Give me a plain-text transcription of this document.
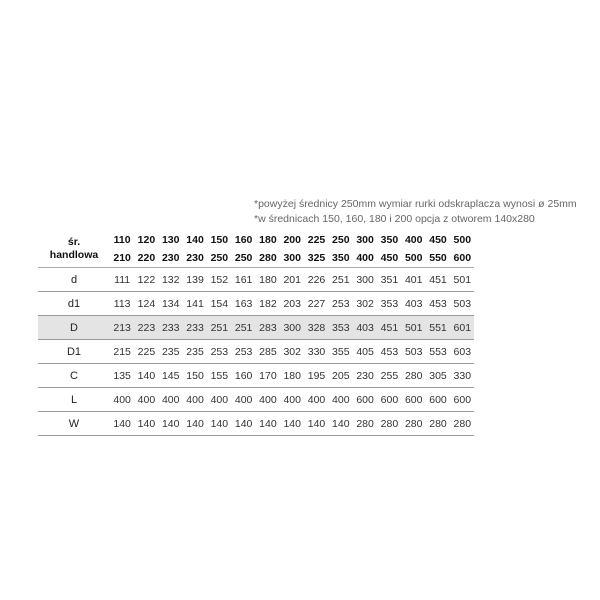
*powyżej średnicy 250mm wymiar rurki odskraplacza wynosi ø 25mm
*w średnicach 150, 160, 180 i 200 opcja z otworem 140x280
śr.
handlowa	110	120	130	140	150	160	180	200	225	250	300	350	400	450	500
	210	220	230	230	250	250	280	300	325	350	400	450	500	550	600
d	111	122	132	139	152	161	180	201	226	251	300	351	401	451	501
d1	113	124	134	141	154	163	182	203	227	253	302	353	403	453	503
D	213	223	233	233	251	251	283	300	328	353	403	451	501	551	601
D1	215	225	235	235	253	253	285	302	330	355	405	453	503	553	603
C	135	140	145	150	155	160	170	180	195	205	230	255	280	305	330
L	400	400	400	400	400	400	400	400	400	400	600	600	600	600	600
W	140	140	140	140	140	140	140	140	140	140	280	280	280	280	280
